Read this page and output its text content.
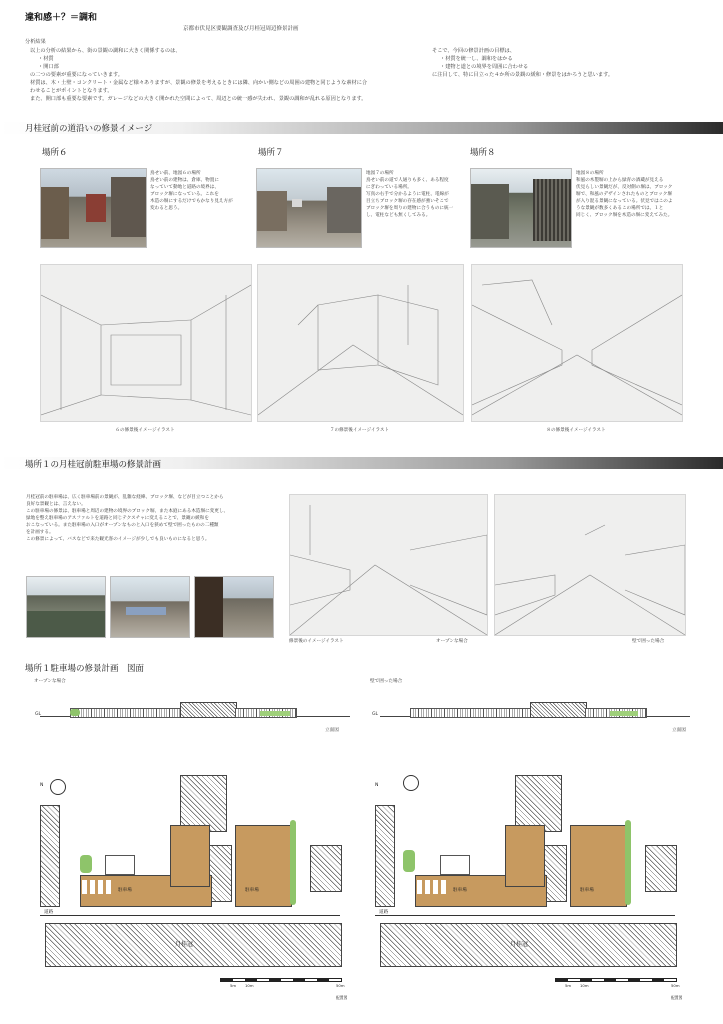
違和感＋？＝調和
京都市伏見区要観調査及び月桂冠周辺修景計画
分析結果
以上の分析の結果から、街の景観の調和に大きく関係するのは、
・材質
・開口部
の二つの要素が重要になっていきます。
材質は、木・土壁・コンクリート・金属など様々ありますが、景観の修景を考えるときには隣、向かい側などの周囲の建物と同じような素材に合
わせることがポイントとなります。
また、開口部も重要な要素です。ガレージなどの大きく開かれた空間によって、周辺との統一感が失われ、景観の調和が乱れる原因となります。
そこで、今回の修景計画の目標は、
・材質を統一し、調和をはかる
・建物と道との境界を周囲に合わせる
に注目して、特に目立った４か所の景観の緩和・修景をはかろうと思います。
月桂冠前の道沿いの修景イメージ
場所６
鳥せい前、地図６の場所
鳥せい前の建物は、倉庫、物置に
なっていて動地と道路の境界は、
ブロック塀になっている。これを
木造の塀にするだけでもかなり見え方が
変わると思う。
場所７
地図７の場所
鳥せい前の道で人通りも多く、ある程度
にぎわっている場所。
写真の右手で分かるように電柱、電線が
目立ちブロック塀の存在感が強いそこで
ブロック塀を周りの建物に合うものに統一
し、電柱なども無くしてみる。
場所８
地図８の場所
和風の木製塀の上から緑青の酒蔵が見える
伏見らしい景観だが、反対側の塀は、ブロック
塀で、和風のデザインされたものとブロック塀
が入り混る景観になっている。伏見ではこのよ
うな景観が数多くあるこの場所では、１と
同じく、ブロック塀を木造の塀に変えてみた。
６の修景後イメージイラスト	７の修景後イメージイラスト	８の修景後イメージイラスト
場所１の月桂冠前駐車場の修景計画
月桂冠前の駐車場は、広く駐車場前の景観が、乱雑な経緯、ブロック塀、などが目立つことから
良好な景観とは、言えない。
この駐車場の修景は、駐車場と周辺の建物の境界のブロック塀、また本庭にある木造塀に変更し、
緑地を整え駐車場のアスファルトを道路と同じテクスチャに変えることで、景観の緩和を
おこなっている。また駐車場の入口がオープンなものと入口を狭めて壁で囲ったものの二種類
を計画する。
この修景によって、バスなどで来た観光客のイメージが少しでも良いものになると思う。
修景後のイメージイラスト	オープンな場合	壁で囲った場合
場所１駐車場の修景計画　図面
オープンな場合	壁で囲った場合
GL
立面図
GL
立面図
N
駐車場	駐車場
道路
月桂冠
5m 10m	50m
配置図
N
駐車場	駐車場
道路
月桂冠
5m 10m	50m
配置図
